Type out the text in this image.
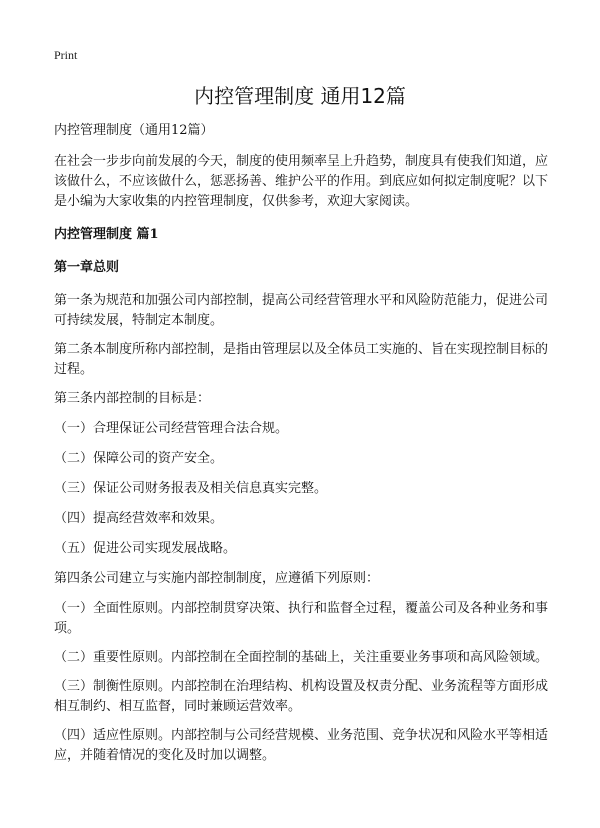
Print
内控管理制度 通用12篇

内控管理制度（通用12篇）

在社会一步步向前发展的今天，制度的使用频率呈上升趋势，制度具有使我们知道，应该做什么，不应该做什么，惩恶扬善、维护公平的作用。到底应如何拟定制度呢？以下是小编为大家收集的内控管理制度，仅供参考，欢迎大家阅读。

内控管理制度 篇1
第一章总则

第一条为规范和加强公司内部控制，提高公司经营管理水平和风险防范能力，促进公司可持续发展，特制定本制度。

第二条本制度所称内部控制，是指由管理层以及全体员工实施的、旨在实现控制目标的过程。

第三条内部控制的目标是：

（一）合理保证公司经营管理合法合规。

（二）保障公司的资产安全。

（三）保证公司财务报表及相关信息真实完整。

（四）提高经营效率和效果。

（五）促进公司实现发展战略。

第四条公司建立与实施内部控制制度，应遵循下列原则：

（一）全面性原则。内部控制贯穿决策、执行和监督全过程，覆盖公司及各种业务和事项。

（二）重要性原则。内部控制在全面控制的基础上，关注重要业务事项和高风险领域。

（三）制衡性原则。内部控制在治理结构、机构设置及权责分配、业务流程等方面形成相互制约、相互监督，同时兼顾运营效率。

（四）适应性原则。内部控制与公司经营规模、业务范围、竞争状况和风险水平等相适应，并随着情况的变化及时加以调整。
